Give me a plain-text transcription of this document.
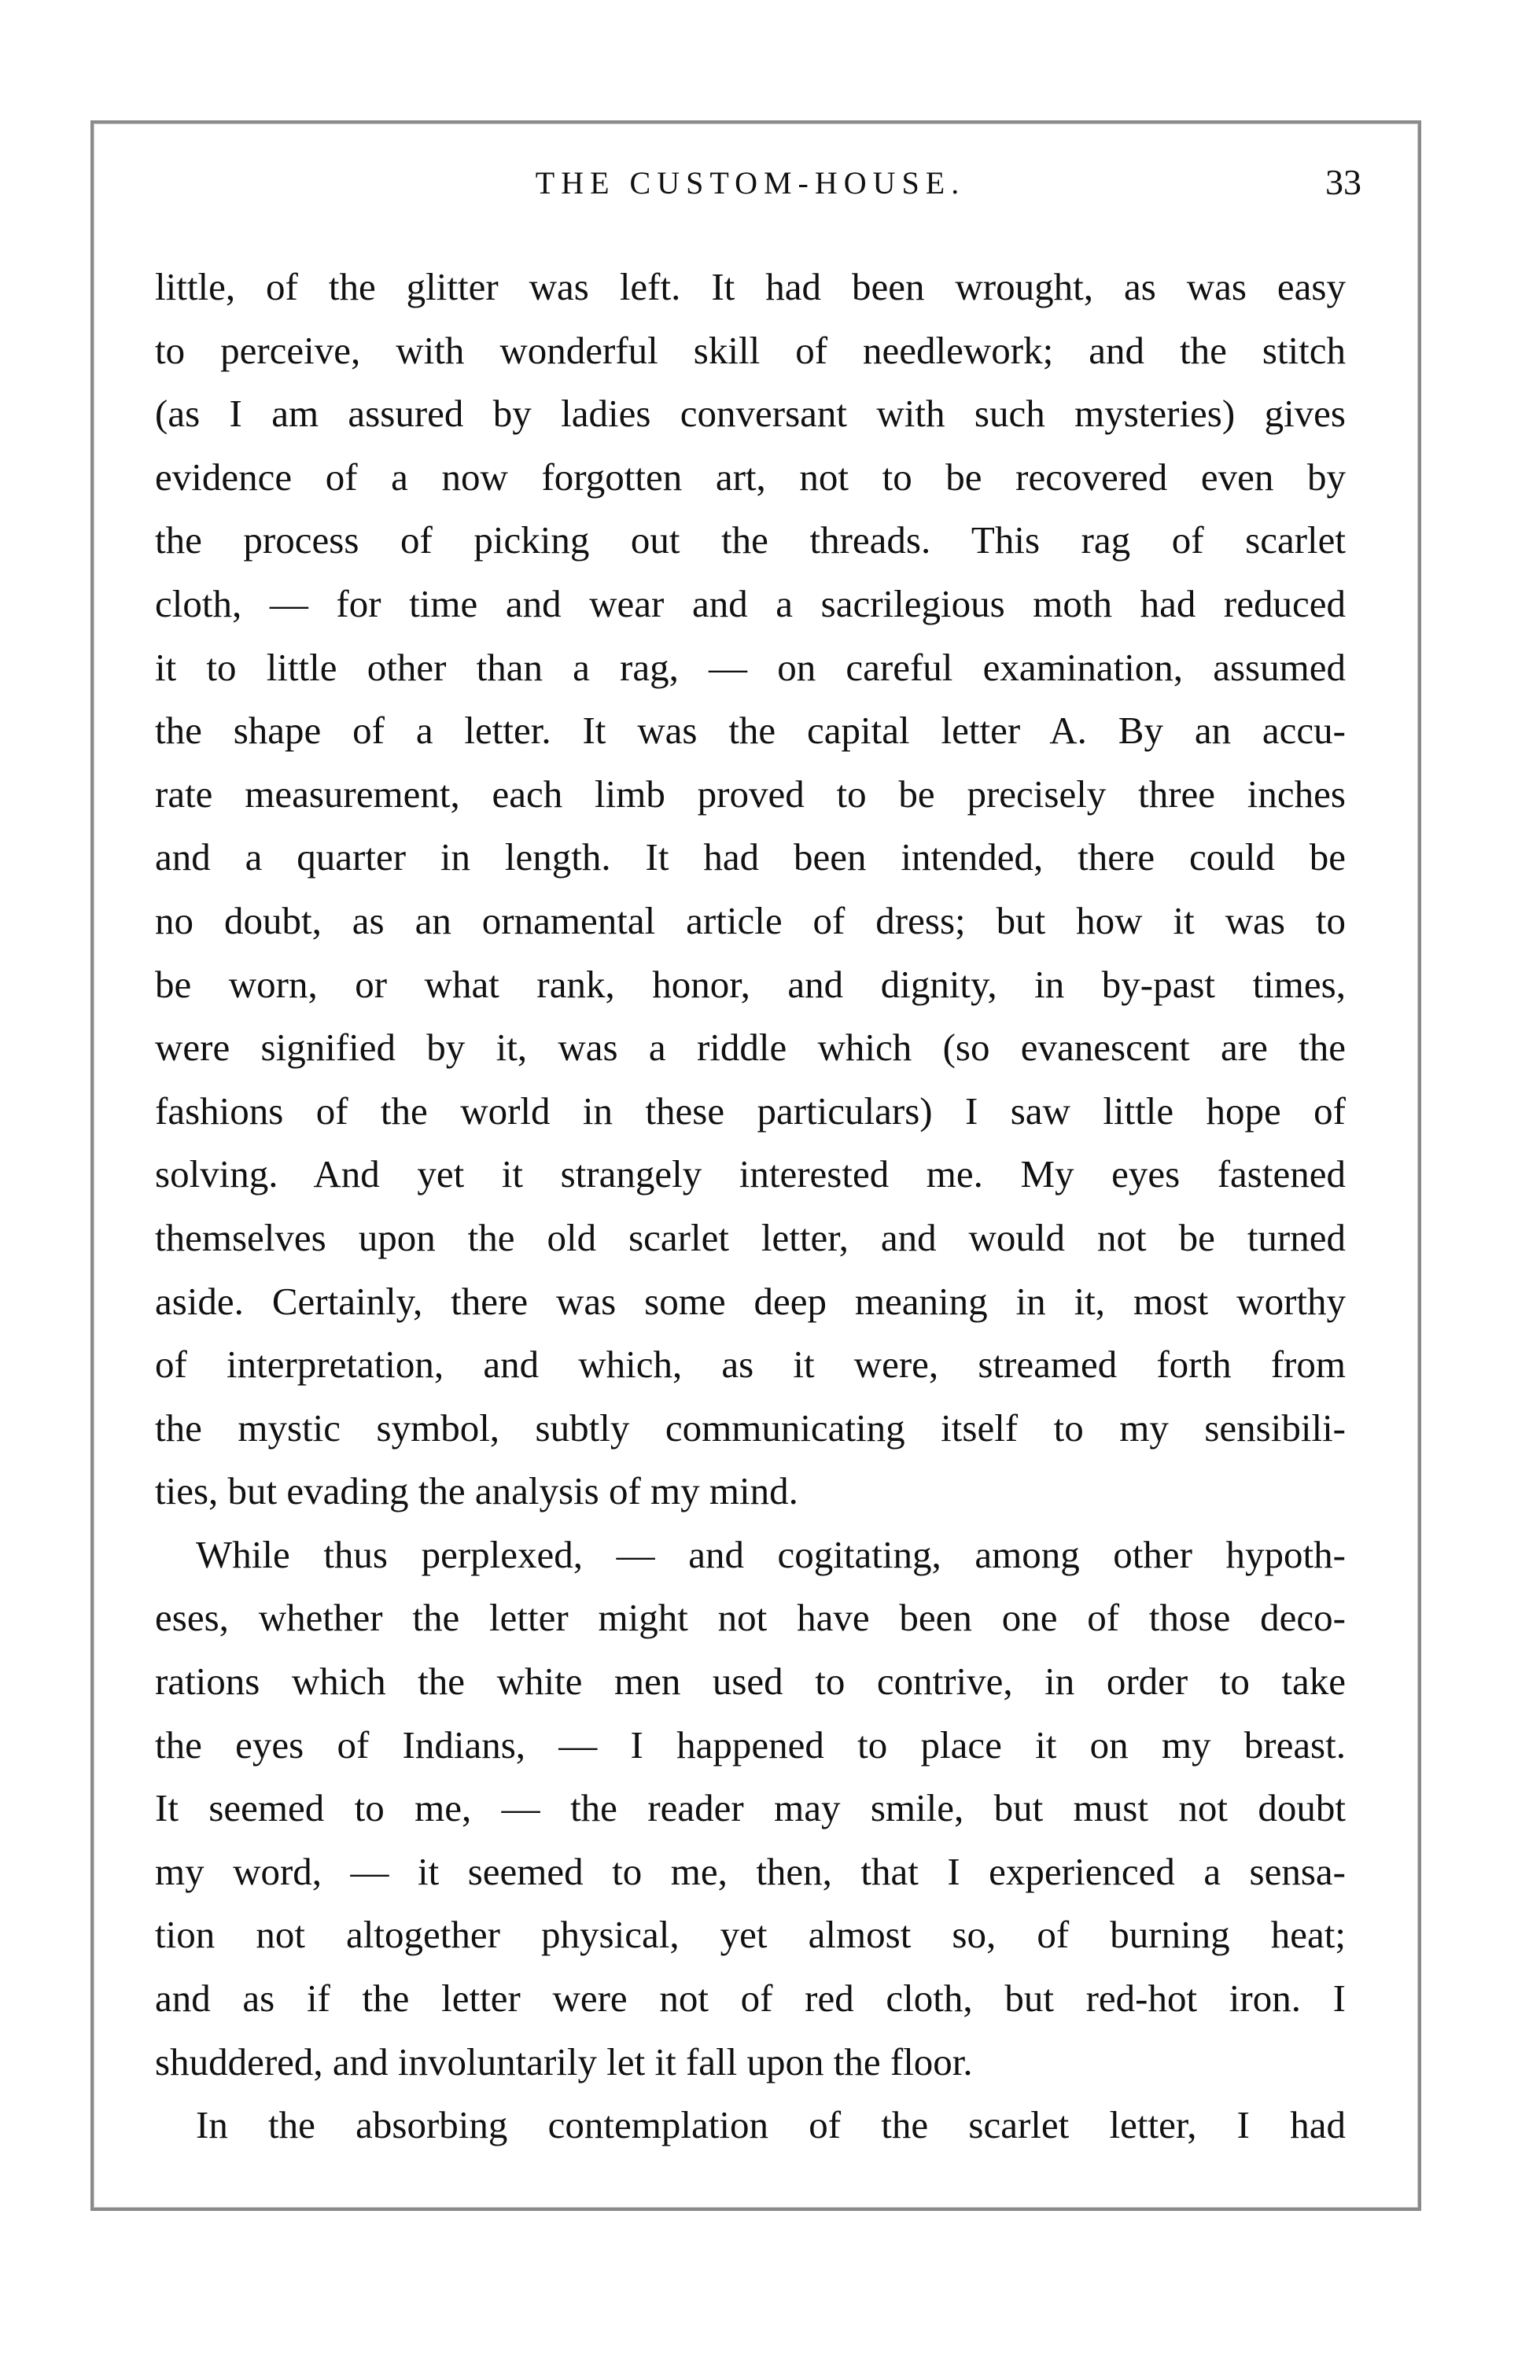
THE CUSTOM-HOUSE.	33
little, of the glitter was left. It had been wrought, as was easy
to perceive, with wonderful skill of needlework; and the stitch
(as I am assured by ladies conversant with such mysteries) gives
evidence of a now forgotten art, not to be recovered even by
the process of picking out the threads. This rag of scarlet
cloth, — for time and wear and a sacrilegious moth had reduced
it to little other than a rag, — on careful examination, assumed
the shape of a letter. It was the capital letter A. By an accu-
rate measurement, each limb proved to be precisely three inches
and a quarter in length. It had been intended, there could be
no doubt, as an ornamental article of dress; but how it was to
be worn, or what rank, honor, and dignity, in by-past times,
were signified by it, was a riddle which (so evanescent are the
fashions of the world in these particulars) I saw little hope of
solving. And yet it strangely interested me. My eyes fastened
themselves upon the old scarlet letter, and would not be turned
aside. Certainly, there was some deep meaning in it, most worthy
of interpretation, and which, as it were, streamed forth from
the mystic symbol, subtly communicating itself to my sensibili-
ties, but evading the analysis of my mind.
While thus perplexed, — and cogitating, among other hypoth-
eses, whether the letter might not have been one of those deco-
rations which the white men used to contrive, in order to take
the eyes of Indians, — I happened to place it on my breast.
It seemed to me, — the reader may smile, but must not doubt
my word, — it seemed to me, then, that I experienced a sensa-
tion not altogether physical, yet almost so, of burning heat;
and as if the letter were not of red cloth, but red-hot iron. I
shuddered, and involuntarily let it fall upon the floor.
In the absorbing contemplation of the scarlet letter, I had
